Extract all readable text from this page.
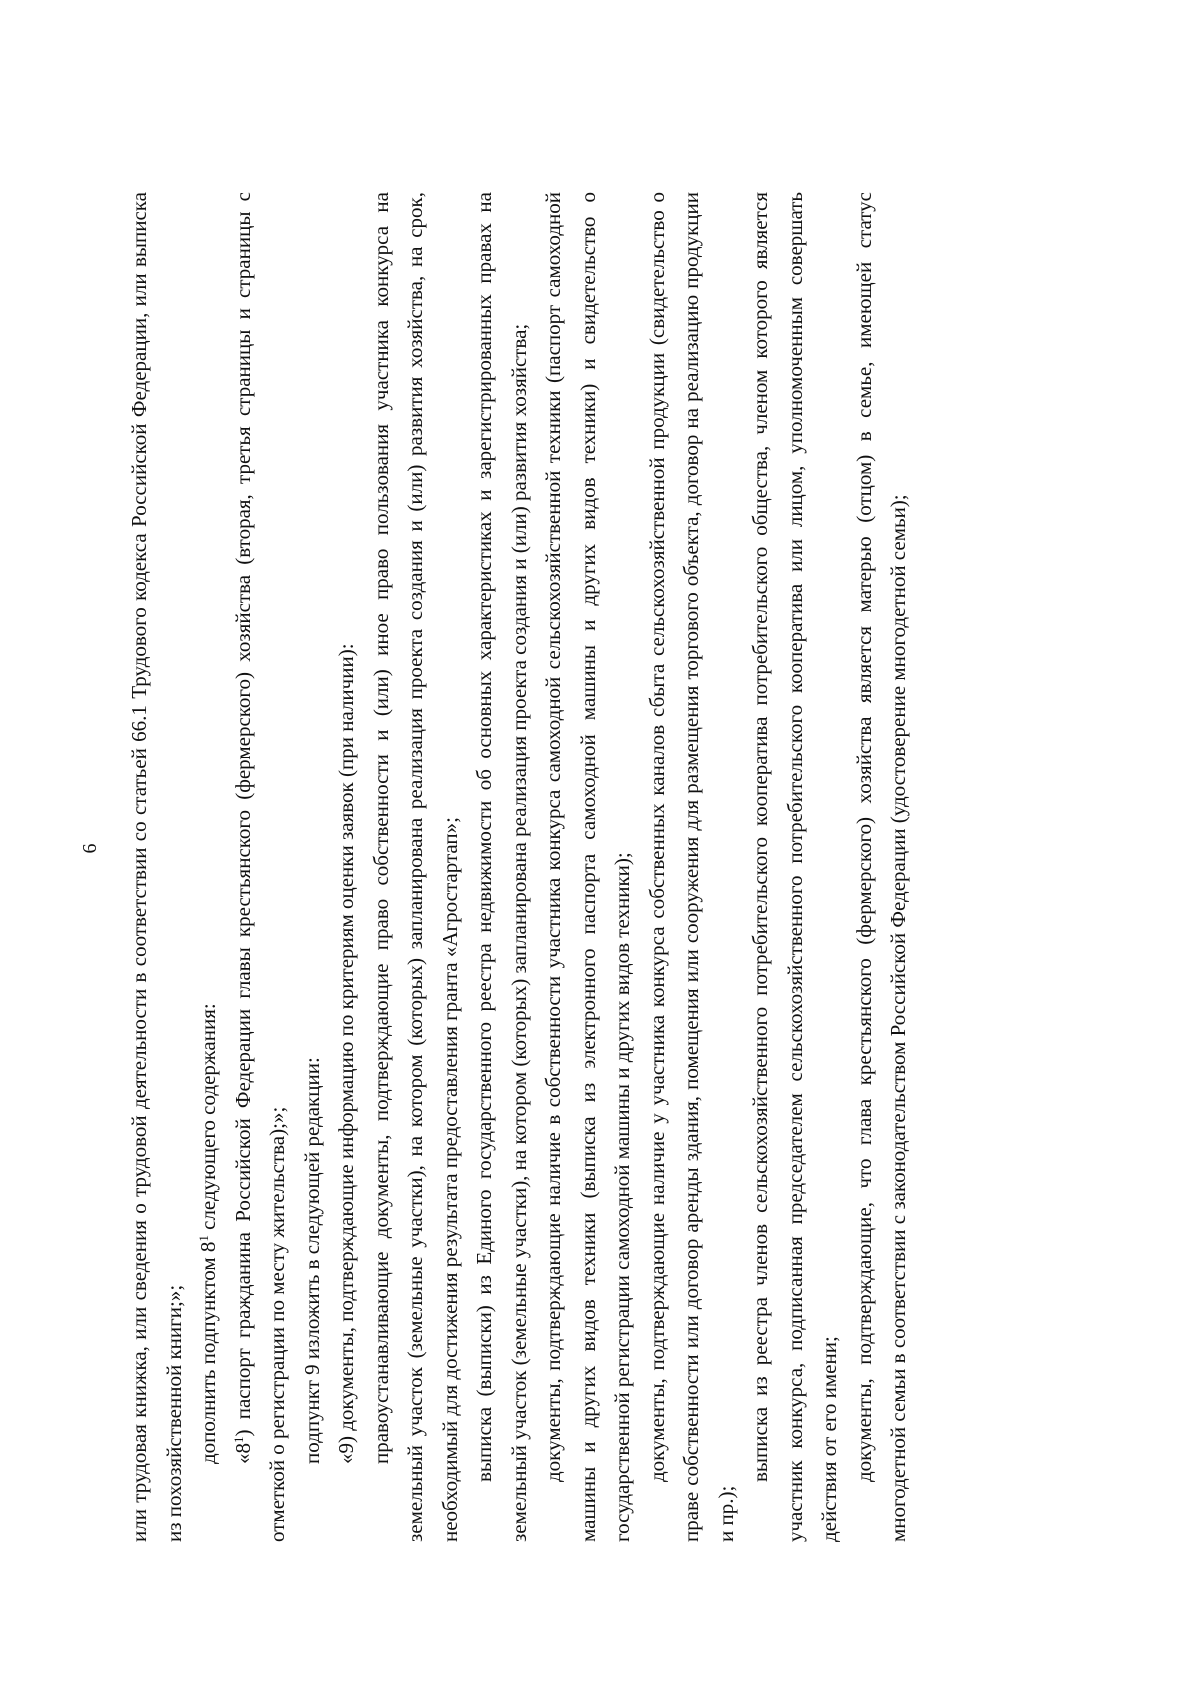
6 или трудовая книжка, или сведения о трудовой деятельности в соответствии со статьей 66.1 Трудового кодекса Российской Федерации, или выписка из похозяйственной книги;»; дополнить подпунктом $8^1$ следующего содержания:

«$8^1$) паспорт гражданина Российской Федерации главы крестьянского (фермерского) хозяйства (вторая, третья страницы и страницы с отметкой о регистрации по месту жительства);»; подпункт 9 изложить в следующей редакции: «9) документы, подтверждающие информацию по критериям оценки заявок (при наличии): правоустанавливающие документы, подтверждающие право собственности и (или) иное право пользования участника конкурса на земельный участок (земельные участки), на котором (которых) запланирована реализация проекта создания и (или) развития хозяйства, на срок, необходимый для достижения результата предоставления гранта «Агростартап»; выписка (выписки) из Единого государственного реестра недвижимости об основных характеристиках и зарегистрированных правах на земельный участок (земельные участки), на котором (которых) запланирована реализация проекта создания и (или) развития хозяйства; документы, подтверждающие наличие в собственности участника конкурса самоходной сельскохозяйственной техники (паспорт самоходной машины и других видов техники (выписка из электронного паспорта самоходной машины и других видов техники) и свидетельство о государственной регистрации самоходной машины и других видов техники); документы, подтверждающие наличие у участника конкурса собственных каналов сбыта сельскохозяйственной продукции (свидетельство о праве собственности или договор аренды здания, помещения или сооружения для размещения торгового объекта, договор на реализацию продукции и пр.);

выписка из реестра членов сельскохозяйственного потребительского кооператива потребительского общества, членом которого является участник конкурса, подписанная председателем сельскохозяйственного потребительского кооператива или лицом, уполномоченным совершать действия от его имени; документы, подтверждающие, что глава крестьянского (фермерского) хозяйства является матерью (отцом) в семье, имеющей статус многодетной семьи в соответствии с законодательством Российской Федерации (удостоверение многодетной семьи);
